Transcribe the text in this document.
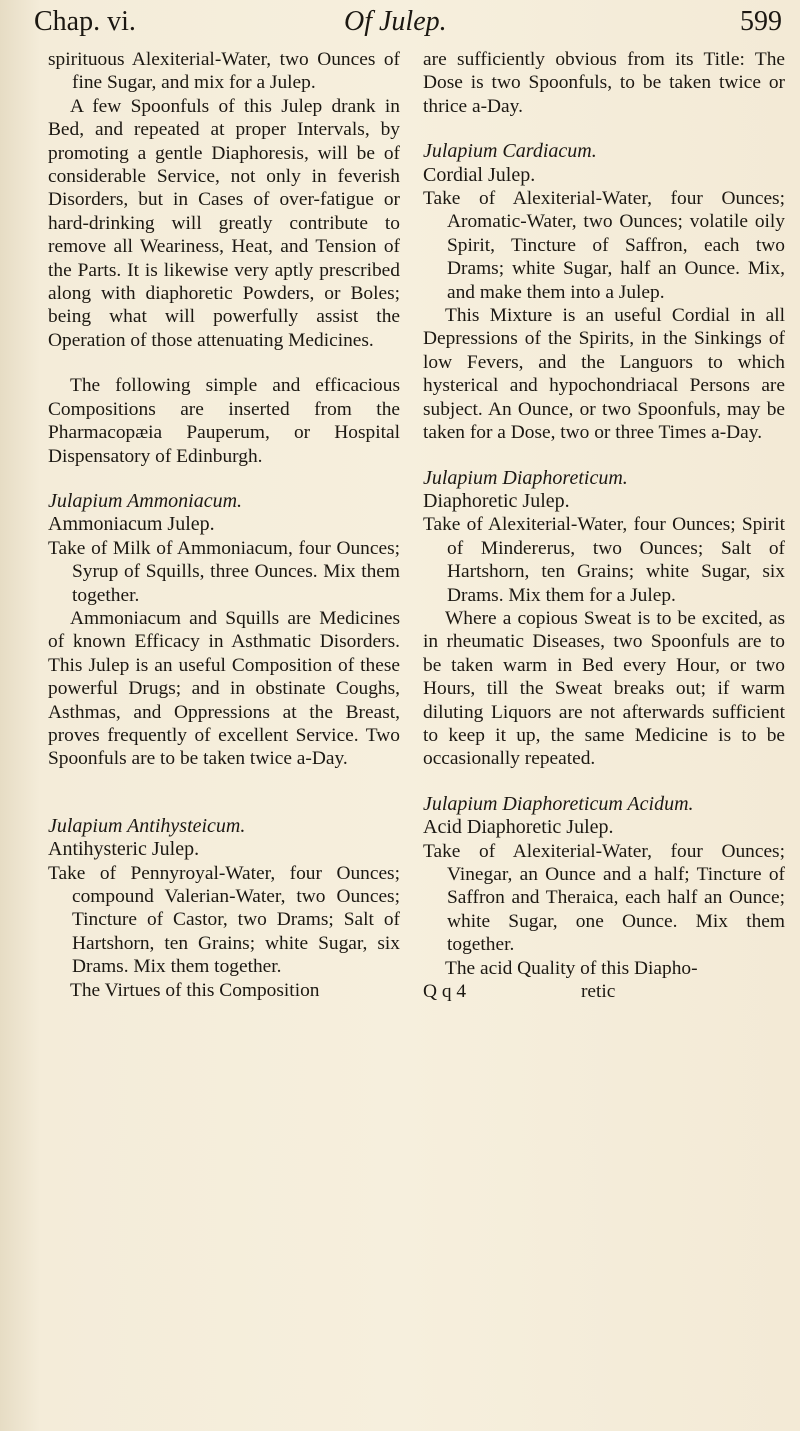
Chap. vi.	Of Julep.	599

spirituous Alexiterial-Water, two Ounces of fine Sugar, and mix for a Julep.

A few Spoonfuls of this Julep drank in Bed, and repeated at proper Intervals, by promoting a gentle Diaphoresis, will be of considerable Service, not only in feverish Disorders, but in Cases of over-fatigue or hard-drinking will greatly contribute to remove all Weariness, Heat, and Tension of the Parts. It is likewise very aptly prescribed along with diaphoretic Powders, or Boles; being what will powerfully assist the Operation of those attenuating Medicines.

The following simple and efficacious Compositions are inserted from the Pharmacopæia Pauperum, or Hospital Dispensatory of Edinburgh.

Julapium Ammoniacum.

Ammoniacum Julep.

Take of Milk of Ammoniacum, four Ounces; Syrup of Squills, three Ounces. Mix them together.

Ammoniacum and Squills are Medicines of known Efficacy in Asthmatic Disorders. This Julep is an useful Composition of these powerful Drugs; and in obstinate Coughs, Asthmas, and Oppressions at the Breast, proves frequently of excellent Service. Two Spoonfuls are to be taken twice a-Day.

Julapium Antihysteicum.

Antihysteric Julep.

Take of Pennyroyal-Water, four Ounces; compound Valerian-Water, two Ounces; Tincture of Castor, two Drams; Salt of Hartshorn, ten Grains; white Sugar, six Drams. Mix them together.

The Virtues of this Composition

are sufficiently obvious from its Title: The Dose is two Spoonfuls, to be taken twice or thrice a-Day.

Julapium Cardiacum.

Cordial Julep.

Take of Alexiterial-Water, four Ounces; Aromatic-Water, two Ounces; volatile oily Spirit, Tincture of Saffron, each two Drams; white Sugar, half an Ounce. Mix, and make them into a Julep.

This Mixture is an useful Cordial in all Depressions of the Spirits, in the Sinkings of low Fevers, and the Languors to which hysterical and hypochondriacal Persons are subject. An Ounce, or two Spoonfuls, may be taken for a Dose, two or three Times a-Day.

Julapium Diaphoreticum.

Diaphoretic Julep.

Take of Alexiterial-Water, four Ounces; Spirit of Mindererus, two Ounces; Salt of Hartshorn, ten Grains; white Sugar, six Drams. Mix them for a Julep.

Where a copious Sweat is to be excited, as in rheumatic Diseases, two Spoonfuls are to be taken warm in Bed every Hour, or two Hours, till the Sweat breaks out; if warm diluting Liquors are not afterwards sufficient to keep it up, the same Medicine is to be occasionally repeated.

Julapium Diaphoreticum Acidum.

Acid Diaphoretic Julep.

Take of Alexiterial-Water, four Ounces; Vinegar, an Ounce and a half; Tincture of Saffron and Theraica, each half an Ounce; white Sugar, one Ounce. Mix them together.

The acid Quality of this Diapho-

Q q 4	retic
